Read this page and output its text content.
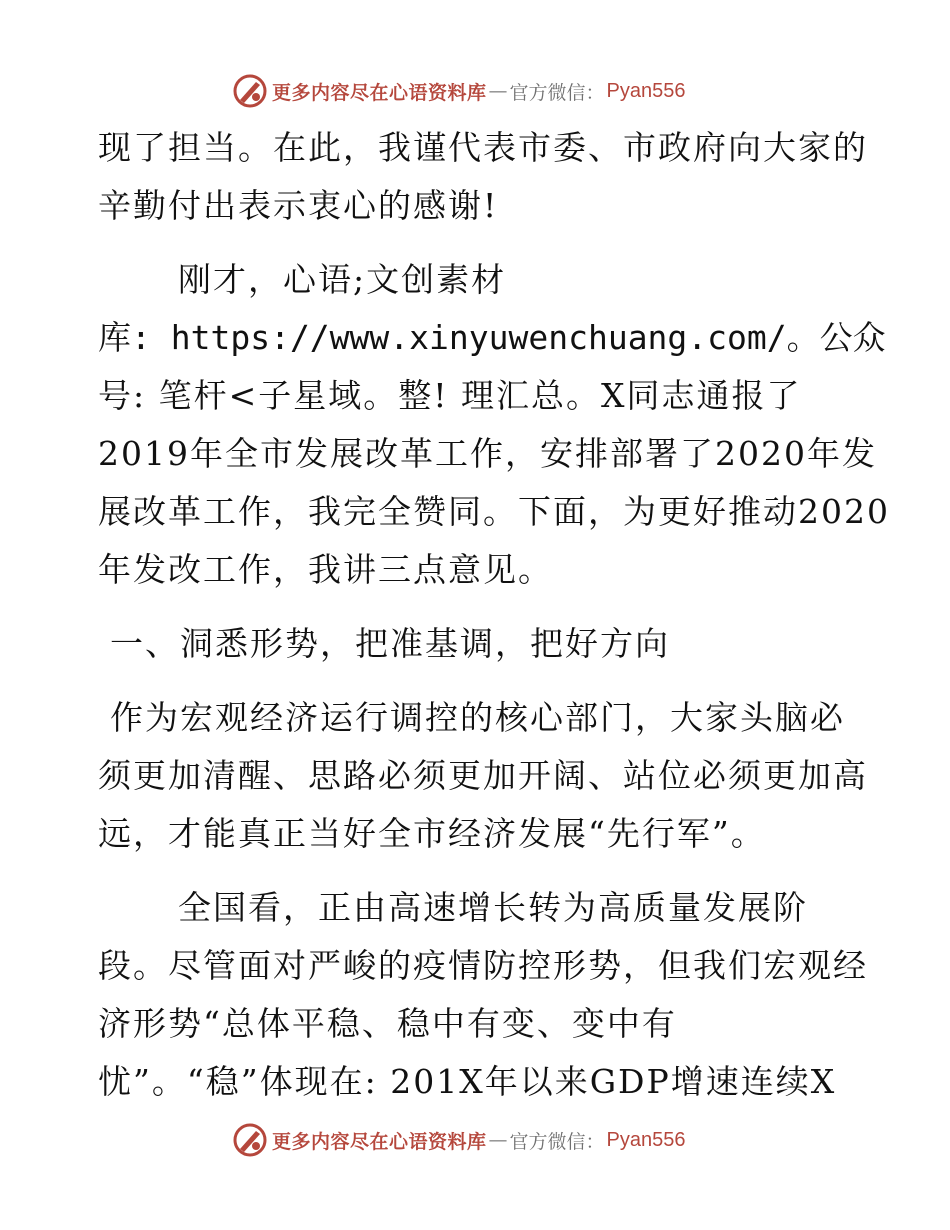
更多内容尽在心语资料库 — 官方微信： Pyan556

现了担当。在此，我谨代表市委、市政府向大家的

辛勤付出表示衷心的感谢!

刚才，心语;文创素材

库: https://www.xinyuwenchuang.com/。公众

号: 笔杆<子星域。整! 理汇总。X同志通报了

2019年全市发展改革工作，安排部署了2020年发

展改革工作，我完全赞同。下面，为更好推动2020

年发改工作，我讲三点意见。

一、洞悉形势，把准基调，把好方向

作为宏观经济运行调控的核心部门，大家头脑必

须更加清醒、思路必须更加开阔、站位必须更加高

远，才能真正当好全市经济发展“先行军”。

全国看，正由高速增长转为高质量发展阶

段。尽管面对严峻的疫情防控形势，但我们宏观经

济形势“总体平稳、稳中有变、变中有

忧”。“稳”体现在: 201X年以来GDP增速连续X

更多内容尽在心语资料库 — 官方微信： Pyan556
